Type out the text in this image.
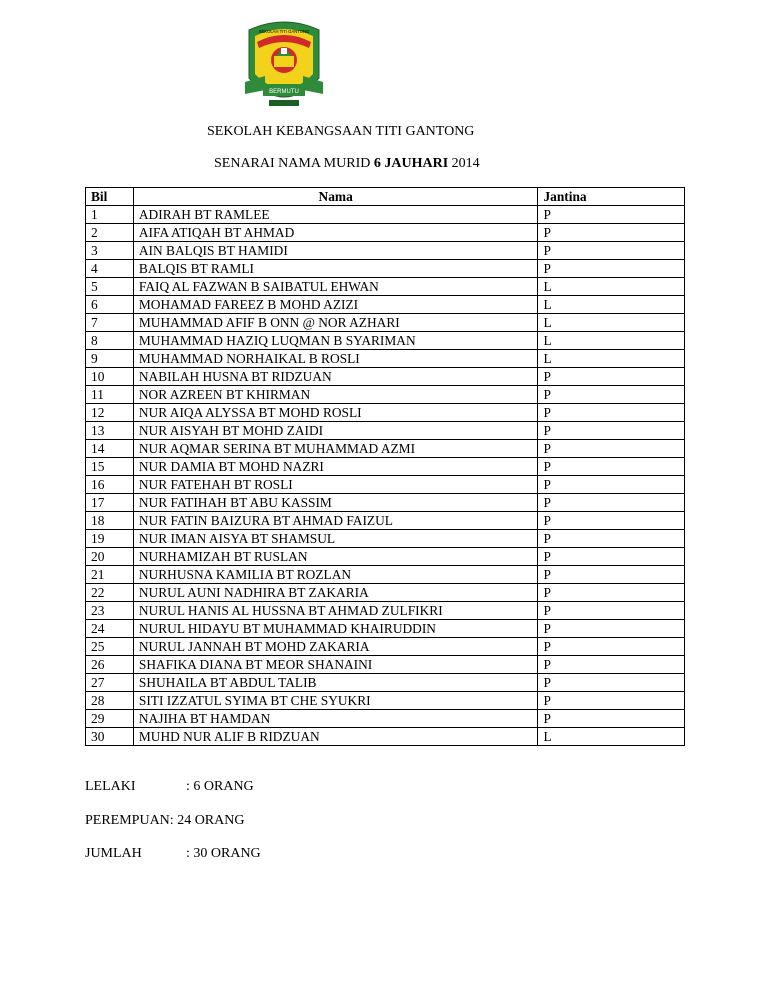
BERMUTU
SEKOLAH TITI GANTONG
SEKOLAH KEBANGSAAN TITI GANTONG
SENARAI NAMA MURID 6 JAUHARI 2014
Bil	Nama	Jantina
1	ADIRAH BT RAMLEE	P
2	AIFA ATIQAH BT AHMAD	P
3	AIN BALQIS BT HAMIDI	P
4	BALQIS BT RAMLI	P
5	FAIQ AL FAZWAN B SAIBATUL EHWAN	L
6	MOHAMAD FAREEZ B MOHD AZIZI	L
7	MUHAMMAD AFIF B ONN @ NOR AZHARI	L
8	MUHAMMAD HAZIQ LUQMAN B SYARIMAN	L
9	MUHAMMAD NORHAIKAL B ROSLI	L
10	NABILAH HUSNA BT RIDZUAN	P
11	NOR AZREEN BT KHIRMAN	P
12	NUR AIQA ALYSSA BT MOHD ROSLI	P
13	NUR AISYAH BT MOHD ZAIDI	P
14	NUR AQMAR SERINA BT MUHAMMAD AZMI	P
15	NUR DAMIA BT MOHD NAZRI	P
16	NUR FATEHAH BT ROSLI	P
17	NUR FATIHAH BT ABU KASSIM	P
18	NUR FATIN BAIZURA BT AHMAD FAIZUL	P
19	NUR IMAN AISYA BT SHAMSUL	P
20	NURHAMIZAH BT RUSLAN	P
21	NURHUSNA KAMILIA BT ROZLAN	P
22	NURUL AUNI NADHIRA BT ZAKARIA	P
23	NURUL HANIS AL HUSSNA BT AHMAD ZULFIKRI	P
24	NURUL HIDAYU BT MUHAMMAD KHAIRUDDIN	P
25	NURUL JANNAH BT MOHD ZAKARIA	P
26	SHAFIKA DIANA BT MEOR SHANAINI	P
27	SHUHAILA BT ABDUL TALIB	P
28	SITI IZZATUL SYIMA BT CHE SYUKRI	P
29	NAJIHA BT HAMDAN	P
30	MUHD NUR ALIF B RIDZUAN	L
LELAKI	: 6 ORANG
PEREMPUAN: 24 ORANG
JUMLAH	: 30 ORANG
